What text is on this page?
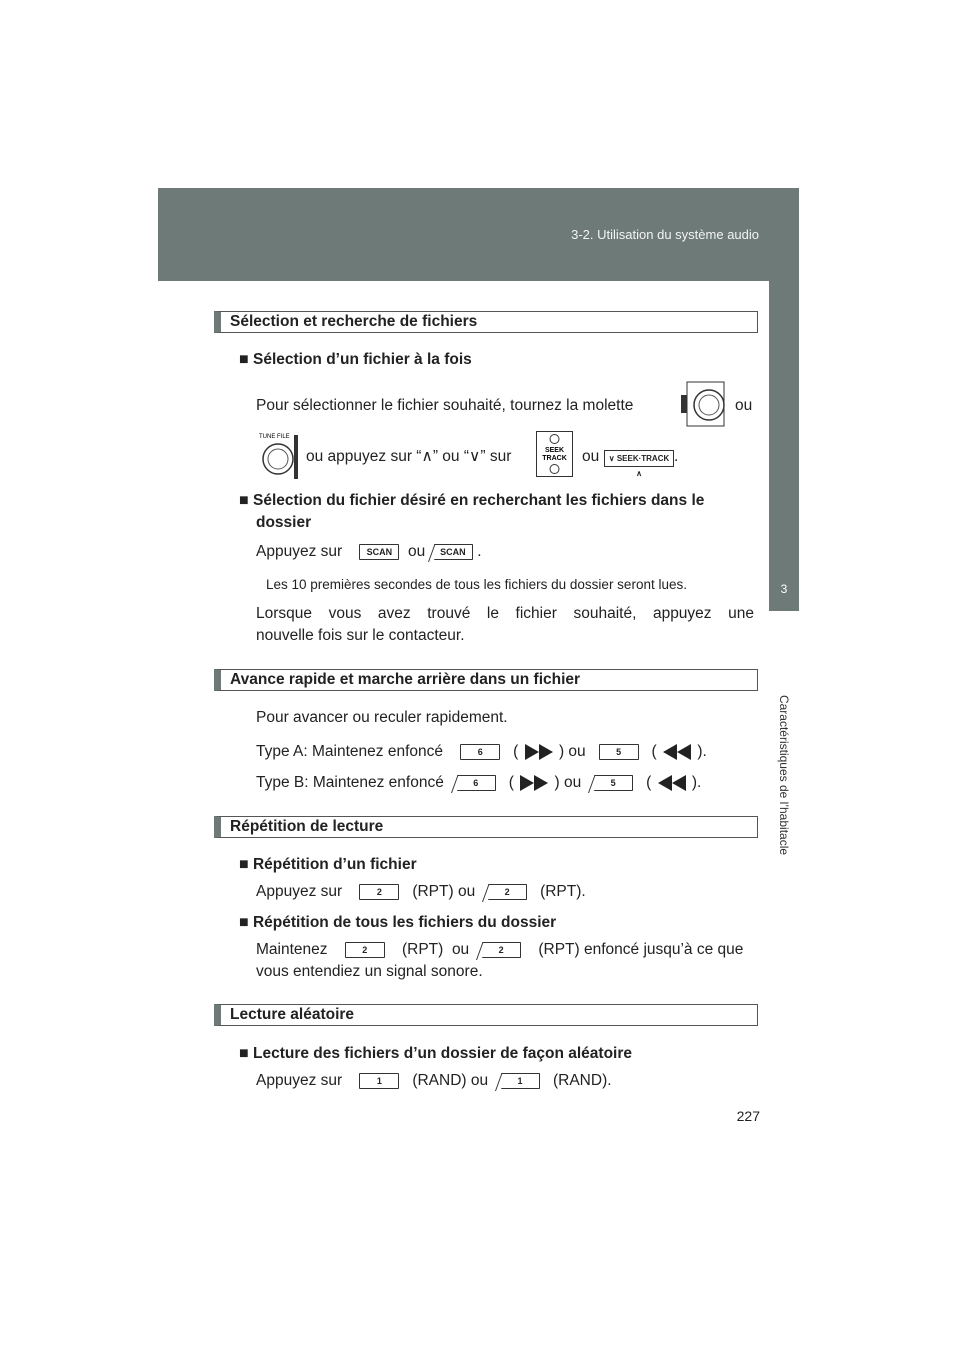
3-2. Utilisation du système audio
3
Caractéristiques de l’habitacle
Sélection et recherche de fichiers
■ Sélection d’un fichier à la fois
Pour sélectionner le fichier souhaité, tournez la molette	ou
TUNE FILE
ou appuyez sur “∧” ou “∨” sur	SEEK
TRACK ou	∨ SEEK·TRACK ∧
.
■ Sélection du fichier désiré en recherchant les fichiers dans le
dossier
Appuyez sur	SCAN ou SCAN .
Les 10 premières secondes de tous les fichiers du dossier seront lues.
Lorsque vous avez trouvé le fichier souhaité, appuyez une
nouvelle fois sur le contacteur.
Avance rapide et marche arrière dans un fichier
Pour avancer ou reculer rapidement.
Type A: Maintenez enfoncé	6 (	) ou	5 (	).
Type B: Maintenez enfoncé	6 (	) ou	5 (	).
Répétition de lecture
■ Répétition d’un fichier
Appuyez sur	2 (RPT) ou	2 (RPT).
■ Répétition de tous les fichiers du dossier
Maintenez	2 (RPT) ou	2 (RPT) enfoncé jusqu’à ce que
vous entendiez un signal sonore.
Lecture aléatoire
■ Lecture des fichiers d’un dossier de façon aléatoire
Appuyez sur	1 (RAND) ou	1 (RAND).
227
